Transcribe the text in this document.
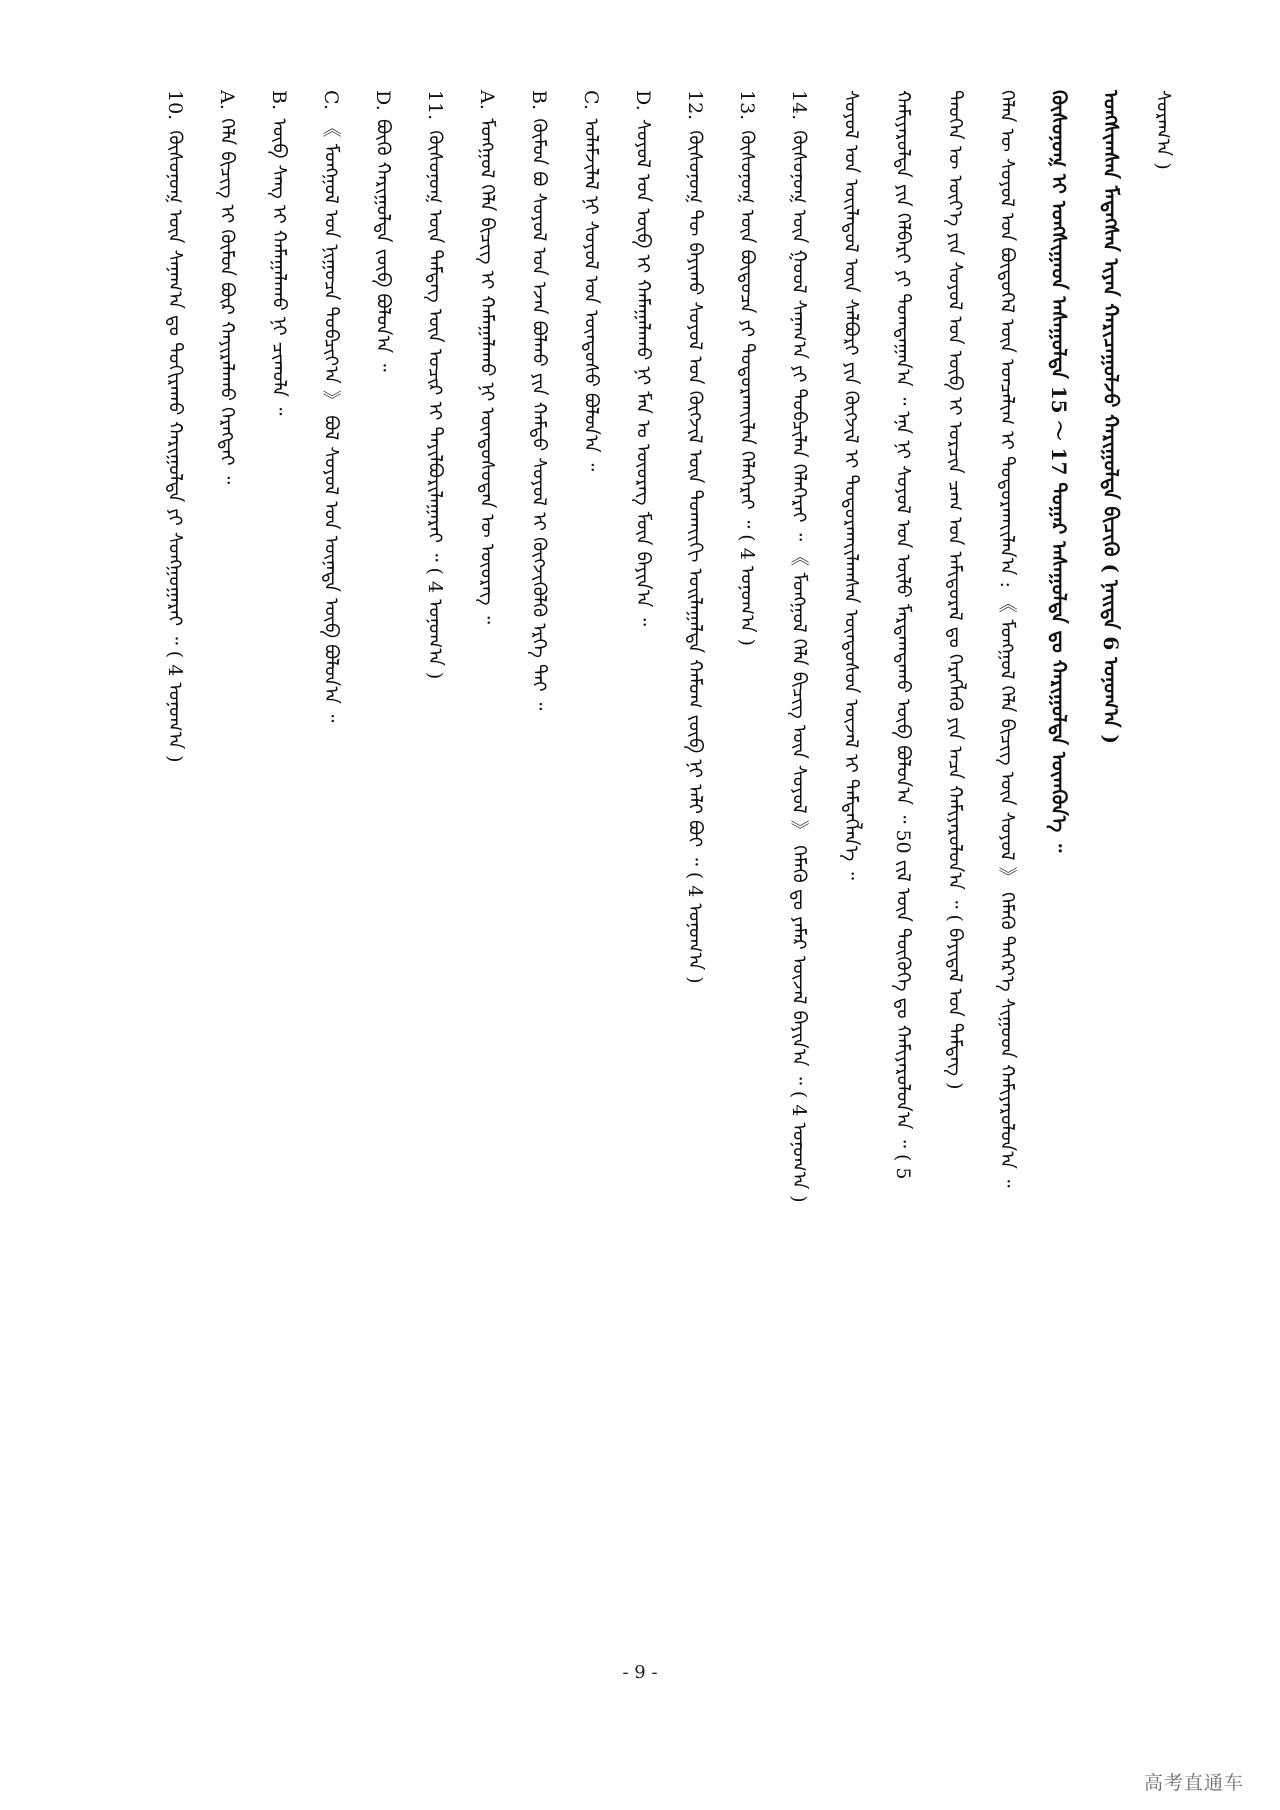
ᠰᠤᠷᠠᠭ᠎ᠠ )
ᠤᠩᠰᠢᠭᠰᠠᠨ ᠮᠡᠳᠡᠭᠰᠡᠨ ᠢᠶᠡᠨ ᠬᠠᠷᠢᠴᠠᠭᠤᠯᠵᠤ ᠬᠠᠷᠢᠭᠤᠯᠲᠠ ᠪᠢᠴᠢᠬᠦ᠌ ( ᠨᠡᠢᠲᠡ 6 ᠣᠨᠤᠭ᠎ᠠ )
ᠬᠦᠰᠦᠨᠦᠭ᠍ ᠢ ᠤᠩᠰᠢᠭᠠᠳ ᠠᠰᠠᠭᠤᠯᠲᠠ 15 ～ 17 ᠳᠤᠭᠠᠷ ᠠᠰᠠᠭᠤᠯᠲᠠ ᠳᠤ ᠬᠠᠷᠢᠭᠤᠯᠲᠠ ᠥᠭ᠍ᠭᠦᠨ᠎ᠡ ᠃
ᠬᠡᠯᠡᠨ ᠦ ᠰᠣᠶᠣᠯ ᠤᠨ ᠪᠦᠲᠦᠭᠡᠯ ᠦᠨ ᠣᠨᠴᠠᠯᠢᠭ ᠢ ᠲᠣᠳᠣᠷᠬᠠᠶ᠋ᠢᠯᠠᠨ᠎ᠠ : 《 ᠮᠣᠩᠭᠣᠯ ᠬᠡᠯᠡ ᠪᠢᠴᠢᠭ ᠦᠨ ᠰᠣᠶᠣᠯ 》 ᠬᠡᠮᠡᠬᠦ ᠳᠡᠭᠡᠷ᠎ᠡ ᠰᠢᠭᠤᠳ ᠬᠠᠮᠢᠶᠠᠷᠤᠯᠤᠨ᠎ᠠ ᠃
ᠲᠡᠦᠬᠡᠨ ᠦ ᠦᠶ᠎ᠡ ᠶᠢᠨ ᠰᠣᠶᠣᠯ ᠤᠨ ᠥᠪ ᠢ ᠣᠷᠴᠢᠨ ᠴᠠᠭ ᠤᠨ ᠠᠮᠢᠳᠤᠷᠠᠯ ᠳᠤ ᠬᠡᠷᠡᠭᠯᠡᠬᠦ ᠶᠢᠨ ᠠᠴᠠ ᠬᠠᠮᠢᠶᠠᠷᠤᠯᠤᠨ᠎ᠠ ᠃ ( ᠪᠠᠶᠢᠳᠠᠯ ᠤᠨ ᠲᠡᠮᠳᠡᠭ )
ᠬᠠᠮᠢᠶᠠᠷᠤᠯᠳᠠ ᠶᠢᠨ ᠬᠡᠯᠪᠡᠷᠢ ᠶᠢ ᠲᠣᠭᠲᠠᠭᠠᠨ᠎ᠠ ᠃ ᠡᠨᠡ ᠨᠢ ᠰᠣᠶᠣᠯ ᠤᠨ ᠦᠯᠦ ᠮᠠᠷᠲᠠᠭᠳᠠᠬᠤ ᠥᠪ ᠪᠣᠯᠤᠨ᠎ᠠ ᠃ 50 ᠵᠢᠯ ᠦᠨ ᠲᠦᠭᠦᠬᠡ ᠳᠤ ᠬᠠᠮᠢᠶᠠᠷᠤᠯᠤᠨ᠎ᠠ ᠃ ( 5
ᠰᠣᠶᠣᠯ ᠤᠨ ᠦᠢᠯᠡᠳᠦᠯ ᠦᠨ ᠰᠠᠯᠪᠤᠷᠢ ᠶᠢᠨ ᠬᠦᠭᠵᠢᠯ ᠢ ᠲᠣᠳᠣᠷᠬᠠᠶ᠋ᠢᠯᠠᠭᠰᠠᠨ ᠦᠨᠳᠦᠰᠦᠨ ᠦᠵᠡᠯ ᠢ ᠲᠡᠮᠳᠡᠭᠯᠡᠨ᠎ᠡ ᠃
14.ᠬᠦᠰᠦᠨᠦᠭ᠍ ᠦᠨ ᠭᠣᠣᠯ ᠰᠠᠨᠠᠭ᠎ᠠ ᠶᠢ ᠲᠣᠪᠴᠢᠯᠠᠨ ᠬᠡᠯᠡᠭᠡᠷᠡᠢ ᠃ 《 ᠮᠣᠩᠭᠣᠯ ᠬᠡᠯᠡ ᠪᠢᠴᠢᠭ ᠦᠨ ᠰᠣᠶᠣᠯ 》 ᠬᠡᠮᠡᠬᠦ ᠳᠤ ᠶᠠᠮᠠᠷ ᠦᠵᠡᠯ ᠪᠠᠶᠢᠨ᠎ᠠ ᠃ ( 4 ᠣᠨᠤᠭ᠎ᠠ )
13.ᠬᠦᠰᠦᠨᠦᠭ᠍ ᠦᠨ ᠪᠦᠲᠦᠴᠡ ᠶᠢ ᠲᠣᠳᠣᠷᠬᠠᠶ᠋ᠢᠯᠠᠨ ᠬᠡᠯᠡᠭᠡᠷᠡᠢ ᠃ ( 4 ᠣᠨᠤᠭ᠎ᠠ )
12.ᠬᠦᠰᠦᠨᠦᠭ᠍ ᠲᠦ ᠪᠠᠶᠢᠬᠤ ᠰᠣᠶᠣᠯ ᠤᠨ ᠬᠥᠭᠵᠢᠯ ᠦᠨ ᠲᠤᠬᠠᠶ᠋ᠢᠬᠢ ᠣᠢᠯᠠᠭᠠᠯᠲᠠ ᠬᠠᠮᠤᠭ ᠵᠥᠪ ᠨᠢ ᠠᠯᠢ ᠪᠤᠢ ᠃ ( 4 ᠣᠨᠤᠭ᠎ᠠ )
D.ᠰᠣᠶᠣᠯ ᠤᠨ ᠥᠪ ᠢ ᠬᠠᠮᠠᠭᠠᠯᠠᠬᠤ ᠨᠢ ᠮᠠᠨ ᠤ ᠦᠦᠷᠡᠭ ᠮᠥᠨ ᠪᠠᠶᠢᠨ᠎ᠠ ᠃
C.ᠤᠯᠠᠮᠵᠢᠯᠠᠯ ᠨᠢ ᠰᠣᠶᠣᠯ ᠤᠨ ᠦᠨᠳᠦᠰᠦ ᠪᠣᠯᠤᠨ᠎ᠠ ᠃
B.ᠬᠦᠮᠦᠨ ᠪᠣ ᠰᠣᠶᠣᠯ ᠤᠨ ᠡᠵᠡᠨ ᠪᠣᠯᠬᠤ ᠶᠢᠨ ᠬᠠᠮᠲᠤ ᠰᠣᠶᠣᠯ ᠢ ᠬᠥᠭᠵᠢᠭᠦᠯᠬᠦ ᠡᠷᠬᠡ ᠲᠠᠢ ᠃
A.ᠮᠣᠩᠭᠣᠯ ᠬᠡᠯᠡ ᠪᠢᠴᠢᠭ ᠢ ᠬᠠᠮᠠᠭᠠᠯᠠᠬᠤ ᠨᠢ ᠦᠨᠳᠦᠰᠦᠲᠡᠨ ᠦ ᠦᠦᠷᠡᠭ ᠃
11.ᠬᠦᠰᠦᠨᠦᠭ᠍ ᠦᠨ ᠲᠡᠮᠳᠡᠭ ᠦᠨ ᠤᠴᠢᠷ ᠢ ᠲᠠᠶᠢᠯᠪᠤᠷᠢᠯᠠᠭᠠᠷᠠᠢ ᠃ ( 4 ᠣᠨᠤᠭ᠎ᠠ )
D.ᠪᠦᠬᠦ ᠬᠠᠷᠢᠭᠤᠯᠲᠠ ᠵᠥᠪ ᠪᠣᠯᠤᠨ᠎ᠠ ᠃
C.《 ᠮᠣᠩᠭᠣᠯ ᠤᠨ ᠨᠢᠭᠤᠴᠠ ᠲᠣᠪᠴᠢᠶ᠎ᠠ 》 ᠪᠣᠯ ᠰᠣᠶᠣᠯ ᠤᠨ ᠦᠨᠡᠲᠡ ᠥᠪ ᠪᠣᠯᠤᠨ᠎ᠠ ᠃
B.ᠥᠪ ᠰᠠᠩ ᠢ ᠬᠠᠮᠠᠭᠠᠯᠠᠬᠤ ᠨᠢ ᠴᠢᠬᠤᠯᠠ ᠃
A.ᠬᠡᠯᠡ ᠪᠢᠴᠢᠭ ᠢ ᠬᠦᠮᠦᠨ ᠪᠦᠷ ᠬᠠᠶᠢᠷᠠᠯᠠᠬᠤ ᠬᠡᠷᠡᠭᠲᠡᠢ ᠃
10.ᠬᠦᠰᠦᠨᠦᠭ᠍ ᠦᠨ ᠰᠠᠨᠠᠭ᠎ᠠ ᠳᠤ ᠲᠣᠬᠢᠷᠠᠬᠤ ᠬᠠᠷᠢᠭᠤᠯᠲᠠ ᠶᠢ ᠰᠣᠩᠭᠣᠭᠠᠷᠠᠢ ᠃ ( 4 ᠣᠨᠤᠭ᠎ᠠ )
- 9 -
高考直通车
